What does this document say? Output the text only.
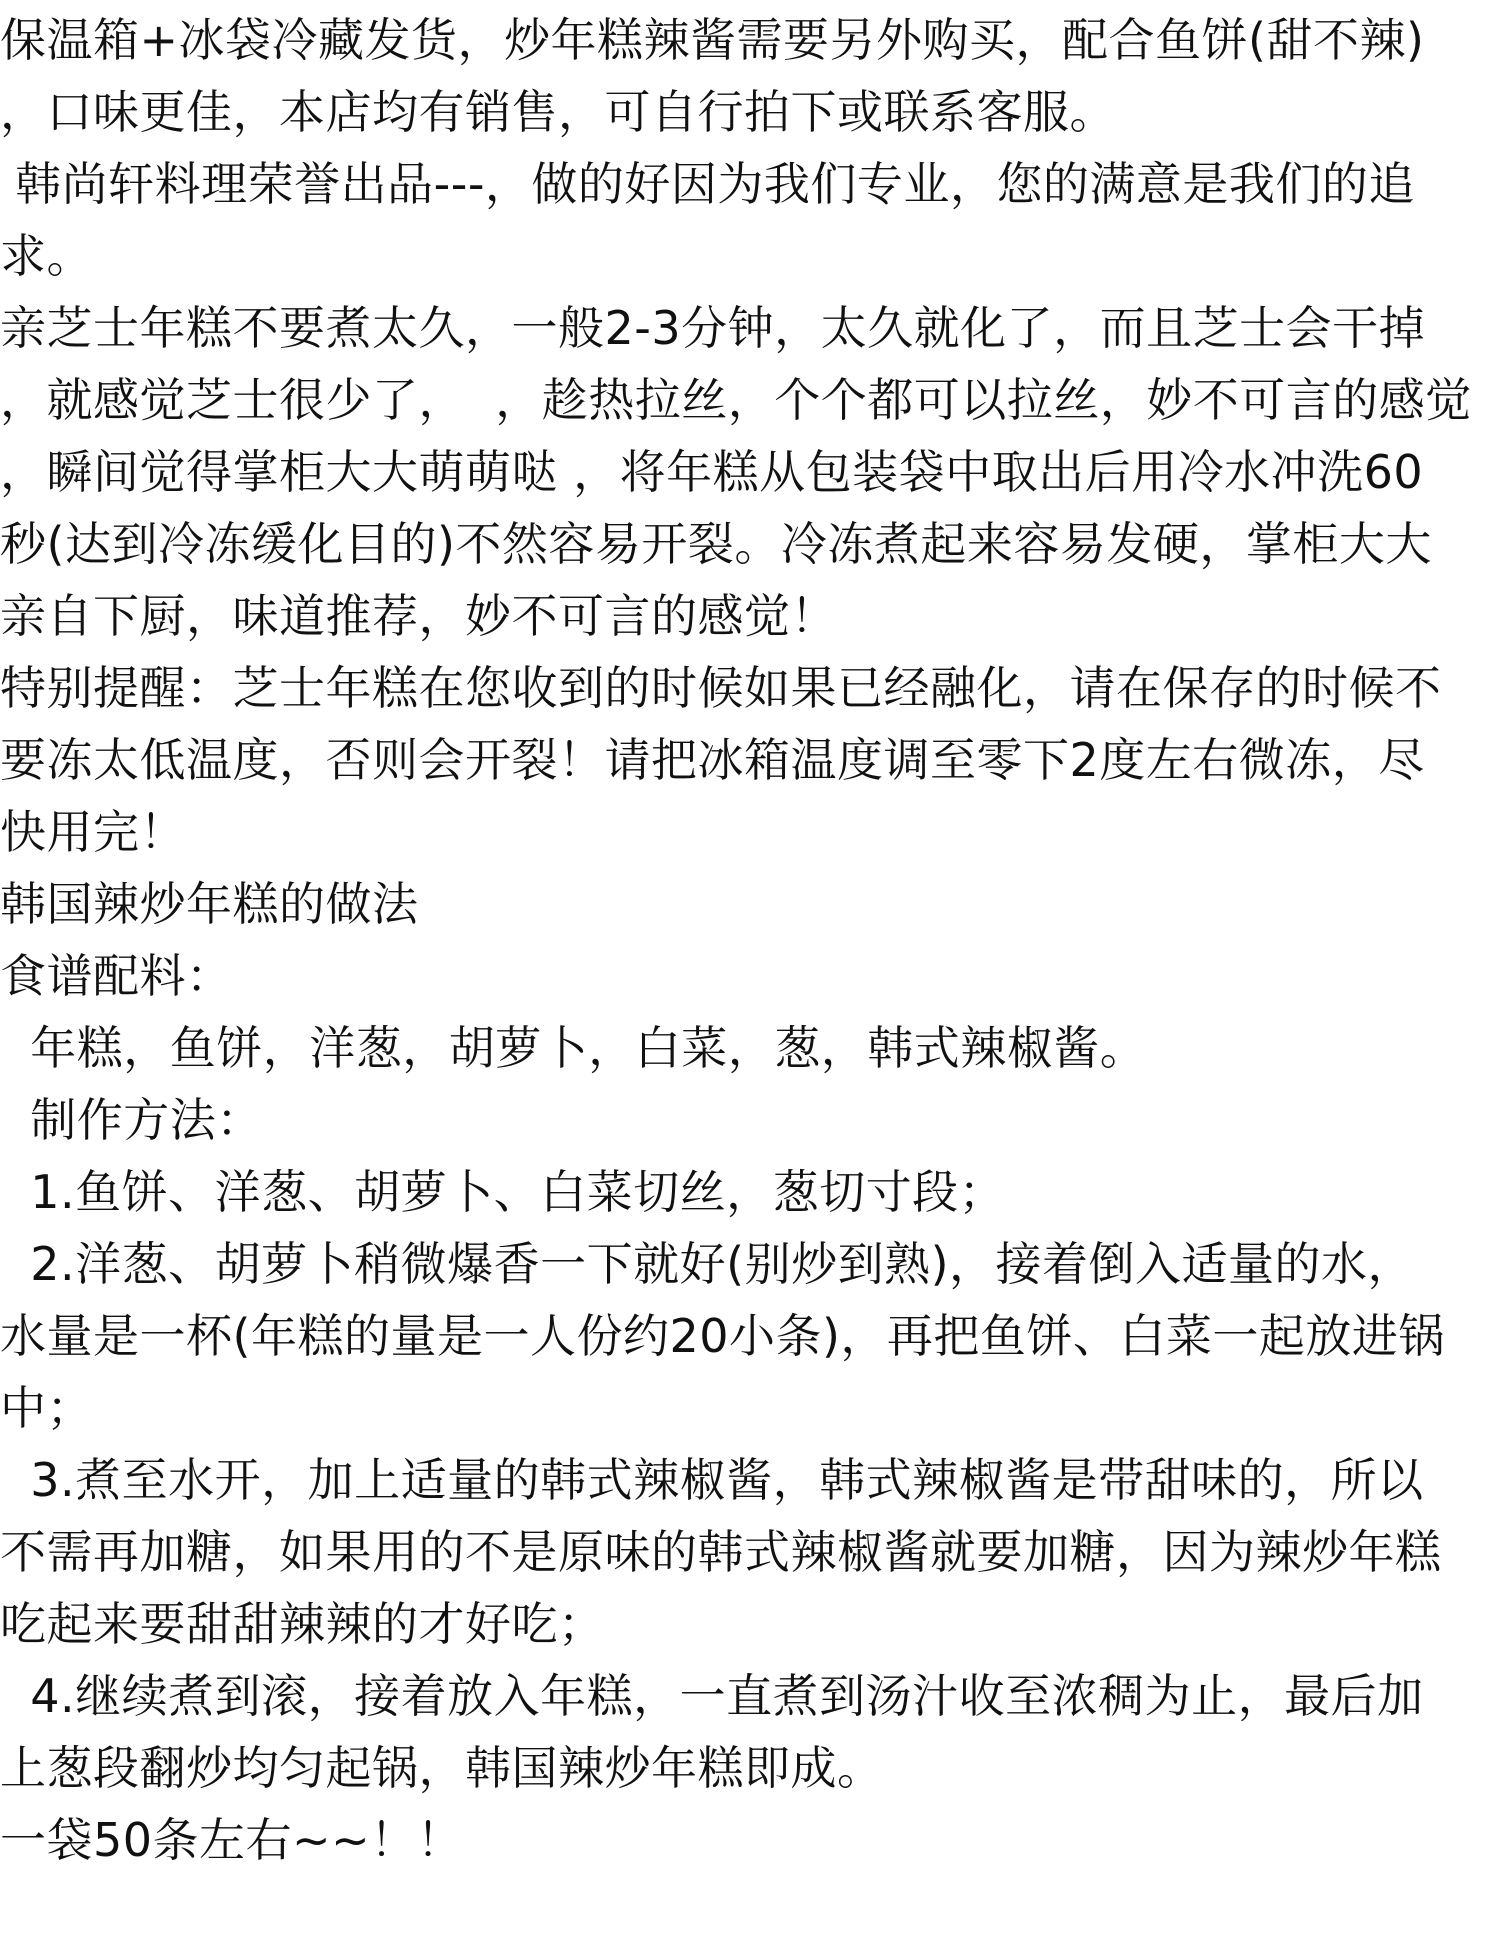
保温箱+冰袋冷藏发货，炒年糕辣酱需要另外购买，配合鱼饼(甜不辣)
，口味更佳，本店均有销售，可自行拍下或联系客服。
韩尚轩料理荣誉出品---，做的好因为我们专业，您的满意是我们的追
求。
亲芝士年糕不要煮太久，一般2-3分钟，太久就化了，而且芝士会干掉
，就感觉芝士很少了，  ，趁热拉丝，个个都可以拉丝，妙不可言的感觉
，瞬间觉得掌柜大大萌萌哒 ，将年糕从包装袋中取出后用冷水冲洗60
秒(达到冷冻缓化目的)不然容易开裂。冷冻煮起来容易发硬，掌柜大大
亲自下厨，味道推荐，妙不可言的感觉！
特别提醒：芝士年糕在您收到的时候如果已经融化，请在保存的时候不
要冻太低温度，否则会开裂！请把冰箱温度调至零下2度左右微冻，尽
快用完！
韩国辣炒年糕的做法
食谱配料：
年糕，鱼饼，洋葱，胡萝卜，白菜，葱，韩式辣椒酱。
制作方法：
1.鱼饼、洋葱、胡萝卜、白菜切丝，葱切寸段；
2.洋葱、胡萝卜稍微爆香一下就好(别炒到熟)，接着倒入适量的水，
水量是一杯(年糕的量是一人份约20小条)，再把鱼饼、白菜一起放进锅
中；
3.煮至水开，加上适量的韩式辣椒酱，韩式辣椒酱是带甜味的，所以
不需再加糖，如果用的不是原味的韩式辣椒酱就要加糖，因为辣炒年糕
吃起来要甜甜辣辣的才好吃；
4.继续煮到滚，接着放入年糕，一直煮到汤汁收至浓稠为止，最后加
上葱段翻炒均匀起锅，韩国辣炒年糕即成。
一袋50条左右~~！！
